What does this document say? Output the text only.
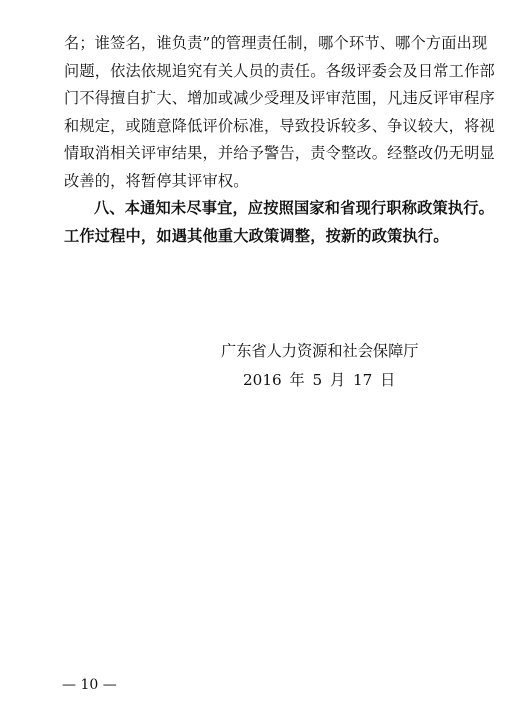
名；谁签名，谁负责”的管理责任制，哪个环节、哪个方面出现
问题，依法依规追究有关人员的责任。各级评委会及日常工作部
门不得擅自扩大、增加或减少受理及评审范围，凡违反评审程序
和规定，或随意降低评价标准，导致投诉较多、争议较大，将视
情取消相关评审结果，并给予警告，责令整改。经整改仍无明显
改善的，将暂停其评审权。
八、本通知未尽事宜，应按照国家和省现行职称政策执行。
工作过程中，如遇其他重大政策调整，按新的政策执行。
广东省人力资源和社会保障厅
2016 年 5 月 17 日
— 10 —
